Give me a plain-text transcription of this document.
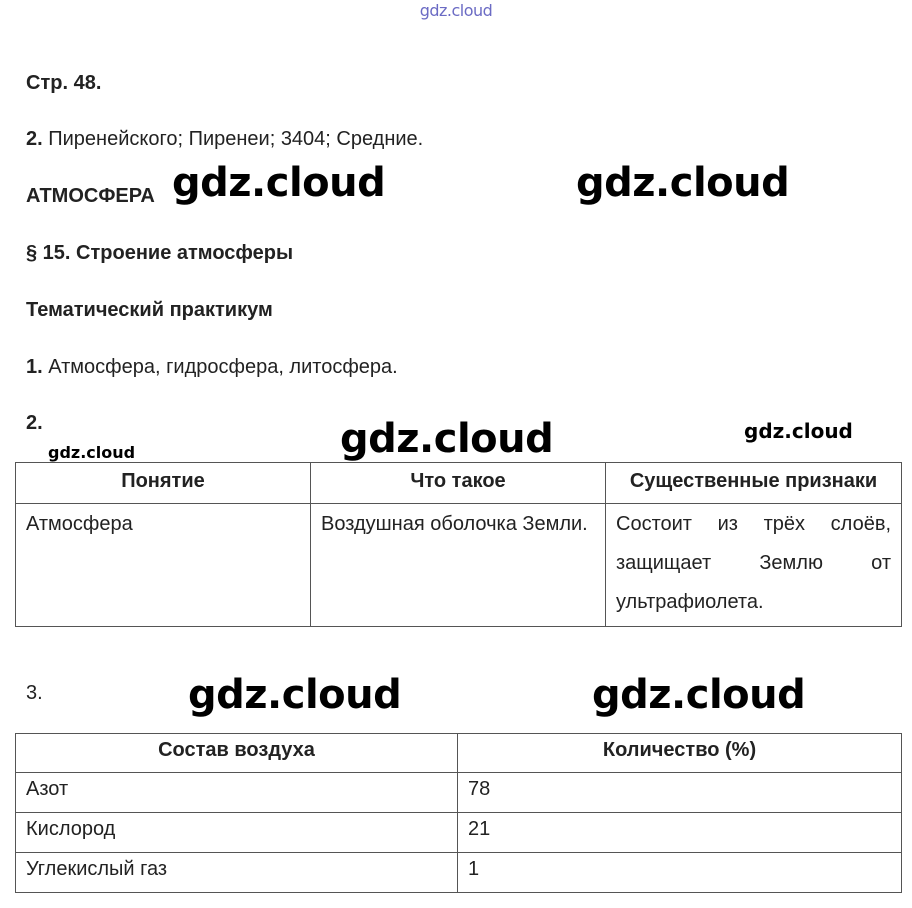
gdz.cloud
Стр. 48.
2. Пиренейского; Пиренеи; 3404; Средние.
АТМОСФЕРА gdz.cloud	gdz.cloud
§ 15. Строение атмосферы
Тематический практикум
1. Атмосфера, гидросфера, литосфера.
2.
gdz.cloud	gdz.cloud	gdz.cloud
Понятие	Что такое	Существенные признаки
Атмосфера	Воздушная оболочка Земли.	Состоит из трёх слоёв, защищает Землю от ультрафиолета.
3.	gdz.cloud	gdz.cloud
Состав воздуха	Количество (%)
Азот	78
Кислород	21
Углекислый газ	1
